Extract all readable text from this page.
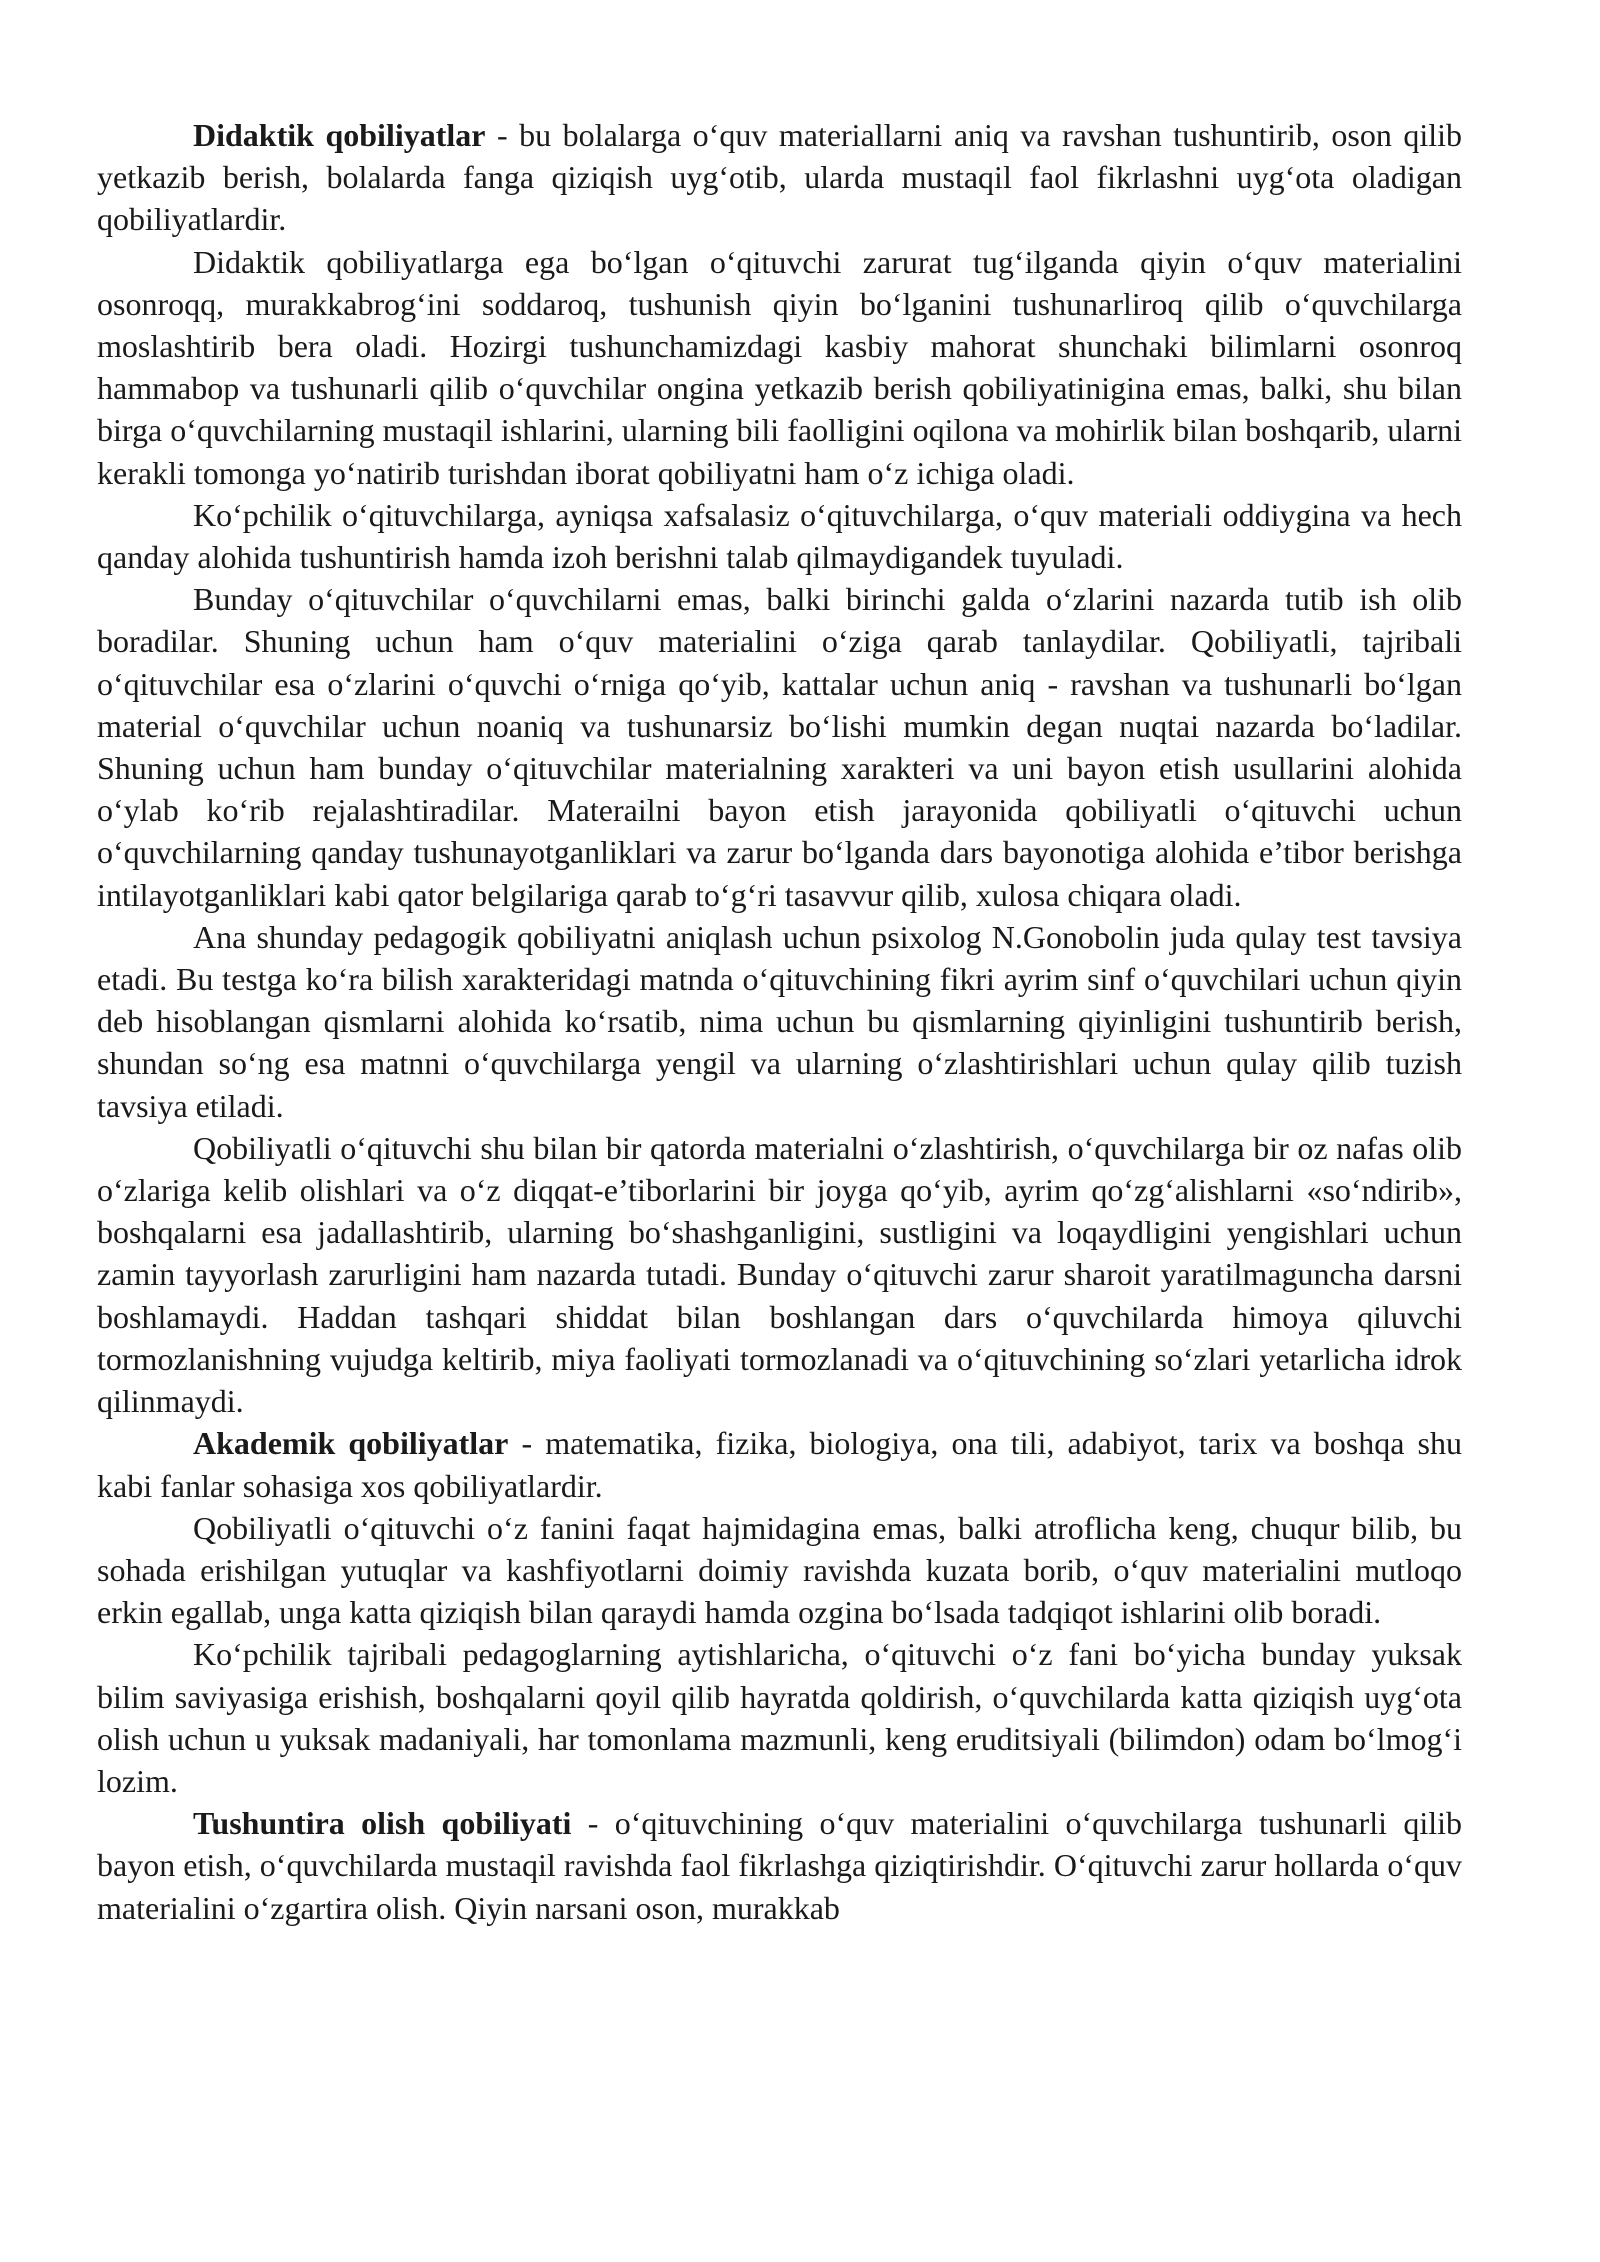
Didaktik qobiliyatlar - bu bolalarga o‘quv materiallarni aniq va ravshan tushuntirib, oson qilib yetkazib berish, bolalarda fanga qiziqish uyg‘otib, ularda mustaqil faol fikrlashni uyg‘ota oladigan qobiliyatlardir.

Didaktik qobiliyatlarga ega bo‘lgan o‘qituvchi zarurat tug‘ilganda qiyin o‘quv materialini osonroqq, murakkabrog‘ini soddaroq, tushunish qiyin bo‘lganini tushunarliroq qilib o‘quvchilarga moslashtirib bera oladi. Hozirgi tushunchamizdagi kasbiy mahorat shunchaki bilimlarni osonroq hammabop va tushunarli qilib o‘quvchilar ongina yetkazib berish qobiliyatinigina emas, balki, shu bilan birga o‘quvchilarning mustaqil ishlarini, ularning bili faolligini oqilona va mohirlik bilan boshqarib, ularni kerakli tomonga yo‘natirib turishdan iborat qobiliyatni ham o‘z ichiga oladi.

Ko‘pchilik o‘qituvchilarga, ayniqsa xafsalasiz o‘qituvchilarga, o‘quv materiali oddiygina va hech qanday alohida tushuntirish hamda izoh berishni talab qilmaydigandek tuyuladi.

Bunday o‘qituvchilar o‘quvchilarni emas, balki birinchi galda o‘zlarini nazarda tutib ish olib boradilar. Shuning uchun ham o‘quv materialini o‘ziga qarab tanlaydilar. Qobiliyatli, tajribali o‘qituvchilar esa o‘zlarini o‘quvchi o‘rniga qo‘yib, kattalar uchun aniq - ravshan va tushunarli bo‘lgan material o‘quvchilar uchun noaniq va tushunarsiz bo‘lishi mumkin degan nuqtai nazarda bo‘ladilar. Shuning uchun ham bunday o‘qituvchilar materialning xarakteri va uni bayon etish usullarini alohida o‘ylab ko‘rib rejalashtiradilar. Materailni bayon etish jarayonida qobiliyatli o‘qituvchi uchun o‘quvchilarning qanday tushunayotganliklari va zarur bo‘lganda dars bayonotiga alohida e’tibor berishga intilayotganliklari kabi qator belgilariga qarab to‘g‘ri tasavvur qilib, xulosa chiqara oladi.

Ana shunday pedagogik qobiliyatni aniqlash uchun psixolog N.Gonobolin juda qulay test tavsiya etadi. Bu testga ko‘ra bilish xarakteridagi matnda o‘qituvchining fikri ayrim sinf o‘quvchilari uchun qiyin deb hisoblangan qismlarni alohida ko‘rsatib, nima uchun bu qismlarning qiyinligini tushuntirib berish, shundan so‘ng esa matnni o‘quvchilarga yengil va ularning o‘zlashtirishlari uchun qulay qilib tuzish tavsiya etiladi.

Qobiliyatli o‘qituvchi shu bilan bir qatorda materialni o‘zlashtirish, o‘quvchilarga bir oz nafas olib o‘zlariga kelib olishlari va o‘z diqqat-e’tiborlarini bir joyga qo‘yib, ayrim qo‘zg‘alishlarni «so‘ndirib», boshqalarni esa jadallashtirib, ularning bo‘shashganligini, sustligini va loqaydligini yengishlari uchun zamin tayyorlash zarurligini ham nazarda tutadi. Bunday o‘qituvchi zarur sharoit yaratilmaguncha darsni boshlamaydi. Haddan tashqari shiddat bilan boshlangan dars o‘quvchilarda himoya qiluvchi tormozlanishning vujudga keltirib, miya faoliyati tormozlanadi va o‘qituvchining so‘zlari yetarlicha idrok qilinmaydi.

Akademik qobiliyatlar - matematika, fizika, biologiya, ona tili, adabiyot, tarix va boshqa shu kabi fanlar sohasiga xos qobiliyatlardir.

Qobiliyatli o‘qituvchi o‘z fanini faqat hajmidagina emas, balki atroflicha keng, chuqur bilib, bu sohada erishilgan yutuqlar va kashfiyotlarni doimiy ravishda kuzata borib, o‘quv materialini mutloqo erkin egallab, unga katta qiziqish bilan qaraydi hamda ozgina bo‘lsada tadqiqot ishlarini olib boradi.

Ko‘pchilik tajribali pedagoglarning aytishlaricha, o‘qituvchi o‘z fani bo‘yicha bunday yuksak bilim saviyasiga erishish, boshqalarni qoyil qilib hayratda qoldirish, o‘quvchilarda katta qiziqish uyg‘ota olish uchun u yuksak madaniyali, har tomonlama mazmunli, keng eruditsiyali (bilimdon) odam bo‘lmog‘i lozim.

Tushuntira olish qobiliyati - o‘qituvchining o‘quv materialini o‘quvchilarga tushunarli qilib bayon etish, o‘quvchilarda mustaqil ravishda faol fikrlashga qiziqtirishdir. O‘qituvchi zarur hollarda o‘quv materialini o‘zgartira olish. Qiyin narsani oson, murakkab
